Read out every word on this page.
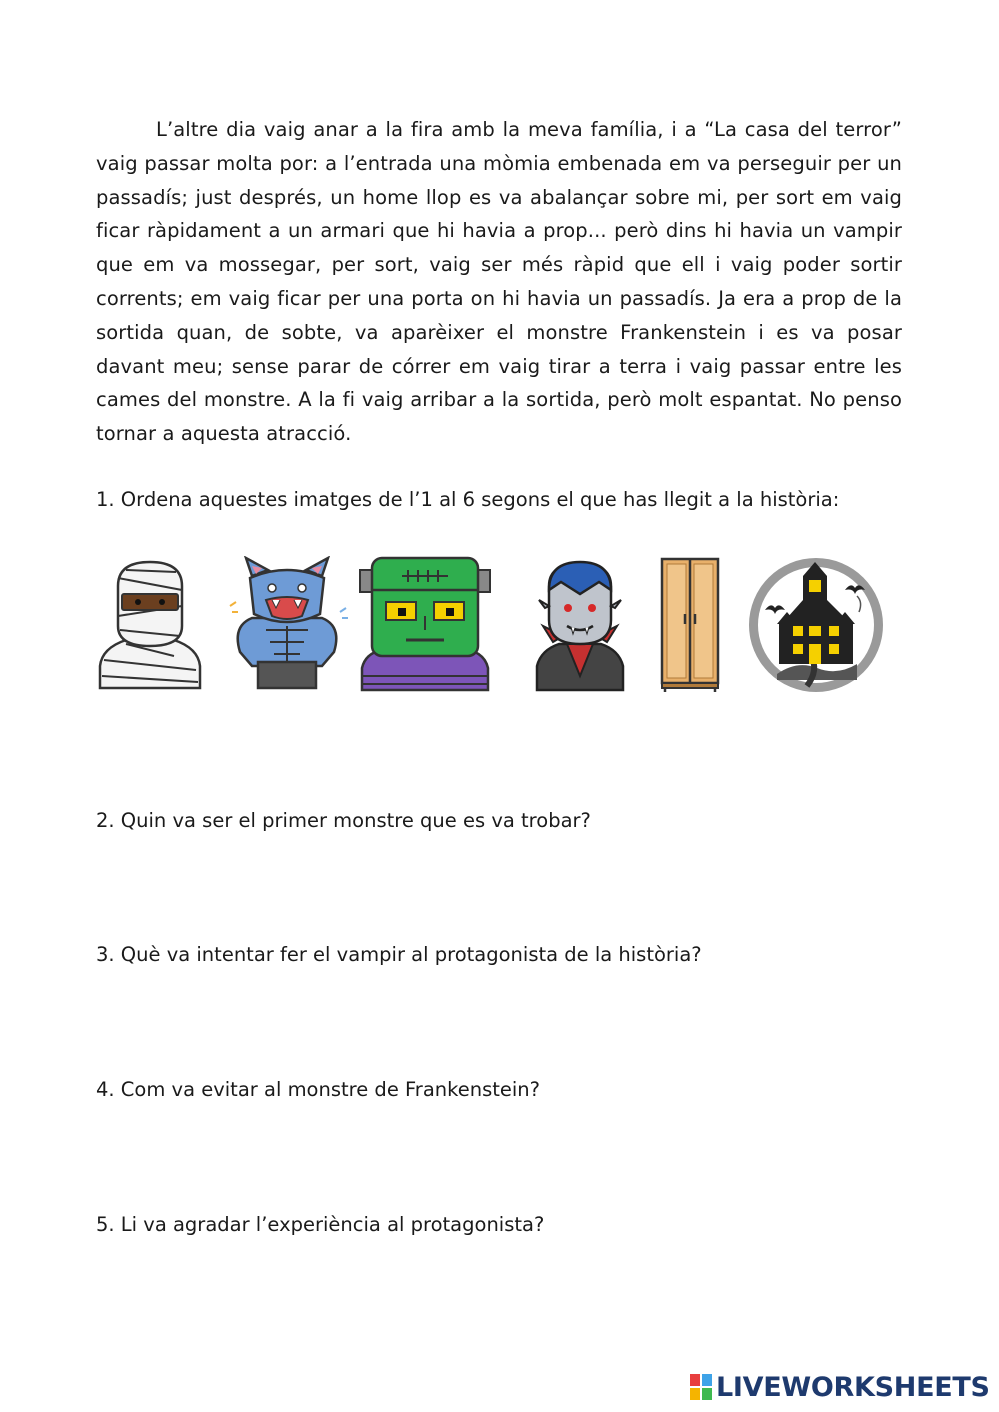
L’altre dia vaig anar a la fira amb la meva família, i a “La casa del terror” vaig passar molta por: a l’entrada una mòmia embenada em va perseguir per un passadís; just després, un home llop es va abalançar sobre mi, per sort em vaig ficar ràpidament a un armari que hi havia a prop... però dins hi havia un vampir que em va mossegar, per sort, vaig ser més ràpid que ell i vaig poder sortir corrents; em vaig ficar per una porta on hi havia un passadís. Ja era a prop de la sortida quan, de sobte, va aparèixer el monstre Frankenstein i es va posar davant meu; sense parar de córrer em vaig tirar a terra i vaig passar entre les cames del monstre. A la fi vaig arribar a la sortida, però molt espantat. No penso tornar a aquesta atracció.

1. Ordena aquestes imatges de l’1 al 6 segons el que has llegit a la història:

2. Quin va ser el primer monstre que es va trobar?

3. Què va intentar fer el vampir al protagonista de la història?

4. Com va evitar al monstre de Frankenstein?

5. Li va agradar l’experiència al protagonista?

LIVEWORKSHEETS
